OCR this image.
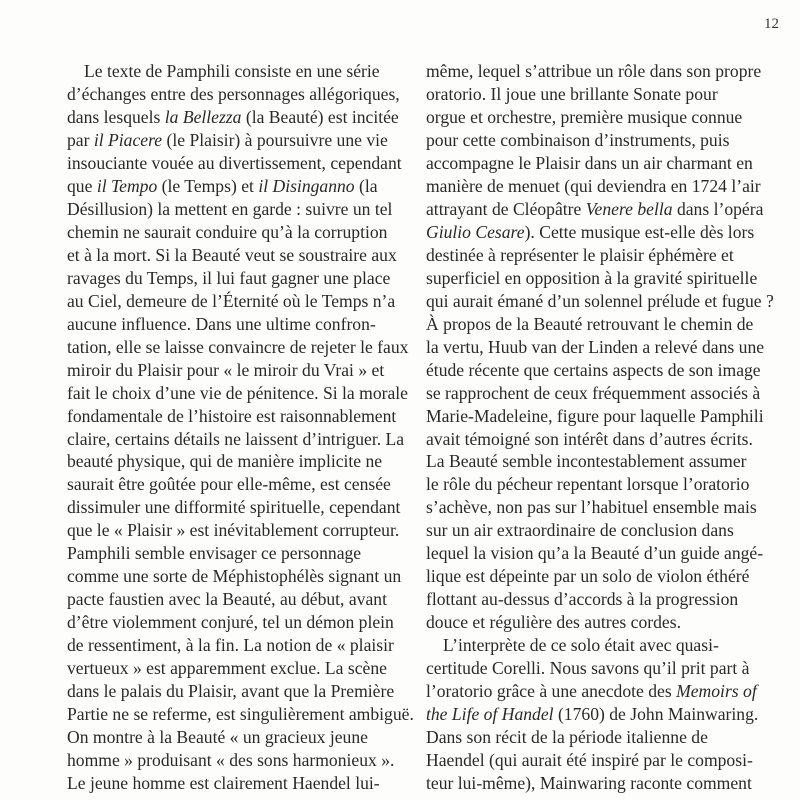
12
Le texte de Pamphili consiste en une série
d’échanges entre des personnages allégoriques,
dans lesquels la Bellezza (la Beauté) est incitée
par il Piacere (le Plaisir) à poursuivre une vie
insouciante vouée au divertissement, cependant
que il Tempo (le Temps) et il Disinganno (la
Désillusion) la mettent en garde : suivre un tel
chemin ne saurait conduire qu’à la corruption
et à la mort. Si la Beauté veut se soustraire aux
ravages du Temps, il lui faut gagner une place
au Ciel, demeure de l’Éternité où le Temps n’a
aucune influence. Dans une ultime confron-
tation, elle se laisse convaincre de rejeter le faux
miroir du Plaisir pour « le miroir du Vrai » et
fait le choix d’une vie de pénitence. Si la morale
fondamentale de l’histoire est raisonnablement
claire, certains détails ne laissent d’intriguer. La
beauté physique, qui de manière implicite ne
saurait être goûtée pour elle-même, est censée
dissimuler une difformité spirituelle, cependant
que le « Plaisir » est inévitablement corrupteur.
Pamphili semble envisager ce personnage
comme une sorte de Méphistophélès signant un
pacte faustien avec la Beauté, au début, avant
d’être violemment conjuré, tel un démon plein
de ressentiment, à la fin. La notion de « plaisir
vertueux » est apparemment exclue. La scène
dans le palais du Plaisir, avant que la Première
Partie ne se referme, est singulièrement ambiguë.
On montre à la Beauté « un gracieux jeune
homme » produisant « des sons harmonieux ».
Le jeune homme est clairement Haendel lui-
même, lequel s’attribue un rôle dans son propre
oratorio. Il joue une brillante Sonate pour
orgue et orchestre, première musique connue
pour cette combinaison d’instruments, puis
accompagne le Plaisir dans un air charmant en
manière de menuet (qui deviendra en 1724 l’air
attrayant de Cléopâtre Venere bella dans l’opéra
Giulio Cesare). Cette musique est-elle dès lors
destinée à représenter le plaisir éphémère et
superficiel en opposition à la gravité spirituelle
qui aurait émané d’un solennel prélude et fugue ?
À propos de la Beauté retrouvant le chemin de
la vertu, Huub van der Linden a relevé dans une
étude récente que certains aspects de son image
se rapprochent de ceux fréquemment associés à
Marie-Madeleine, figure pour laquelle Pamphili
avait témoigné son intérêt dans d’autres écrits.
La Beauté semble incontestablement assumer
le rôle du pécheur repentant lorsque l’oratorio
s’achève, non pas sur l’habituel ensemble mais
sur un air extraordinaire de conclusion dans
lequel la vision qu’a la Beauté d’un guide angé-
lique est dépeinte par un solo de violon éthéré
flottant au-dessus d’accords à la progression
douce et régulière des autres cordes.
L’interprète de ce solo était avec quasi-
certitude Corelli. Nous savons qu’il prit part à
l’oratorio grâce à une anecdote des Memoirs of
the Life of Handel (1760) de John Mainwaring.
Dans son récit de la période italienne de
Haendel (qui aurait été inspiré par le composi-
teur lui-même), Mainwaring raconte comment
